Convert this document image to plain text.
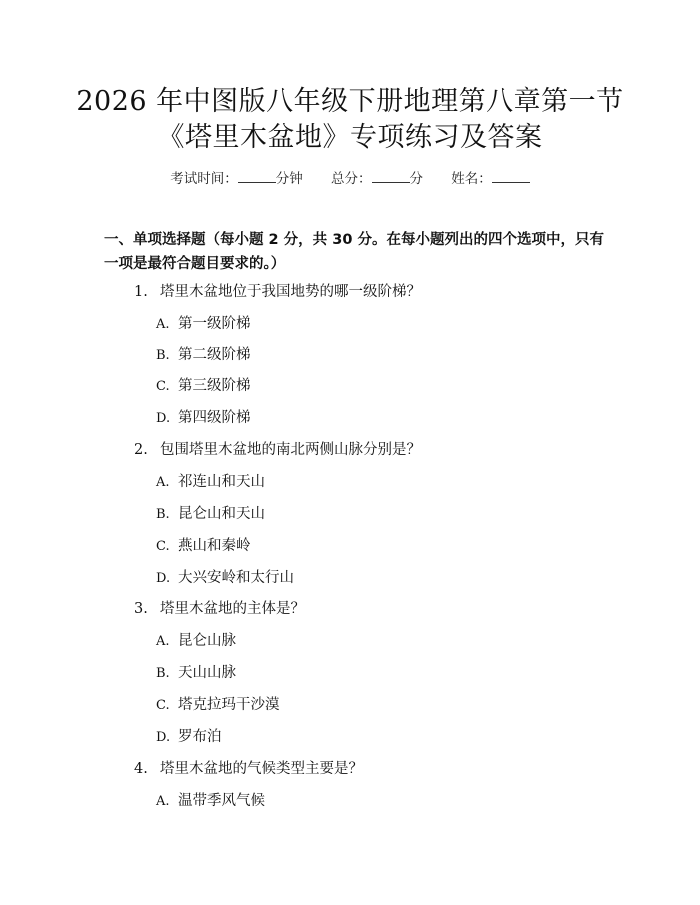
2026 年中图版八年级下册地理第八章第一节
《塔里木盆地》专项练习及答案
考试时间：	分钟 总分：	分 姓名：
一、单项选择题（每小题 2 分，共 30 分。在每小题列出的四个选项中，只有一项是最符合题目要求的。）
1. 塔里木盆地位于我国地势的哪一级阶梯？
A. 第一级阶梯
B. 第二级阶梯
C. 第三级阶梯
D. 第四级阶梯
2. 包围塔里木盆地的南北两侧山脉分别是？
A. 祁连山和天山
B. 昆仑山和天山
C. 燕山和秦岭
D. 大兴安岭和太行山
3. 塔里木盆地的主体是？
A. 昆仑山脉
B. 天山山脉
C. 塔克拉玛干沙漠
D. 罗布泊
4. 塔里木盆地的气候类型主要是？
A. 温带季风气候
